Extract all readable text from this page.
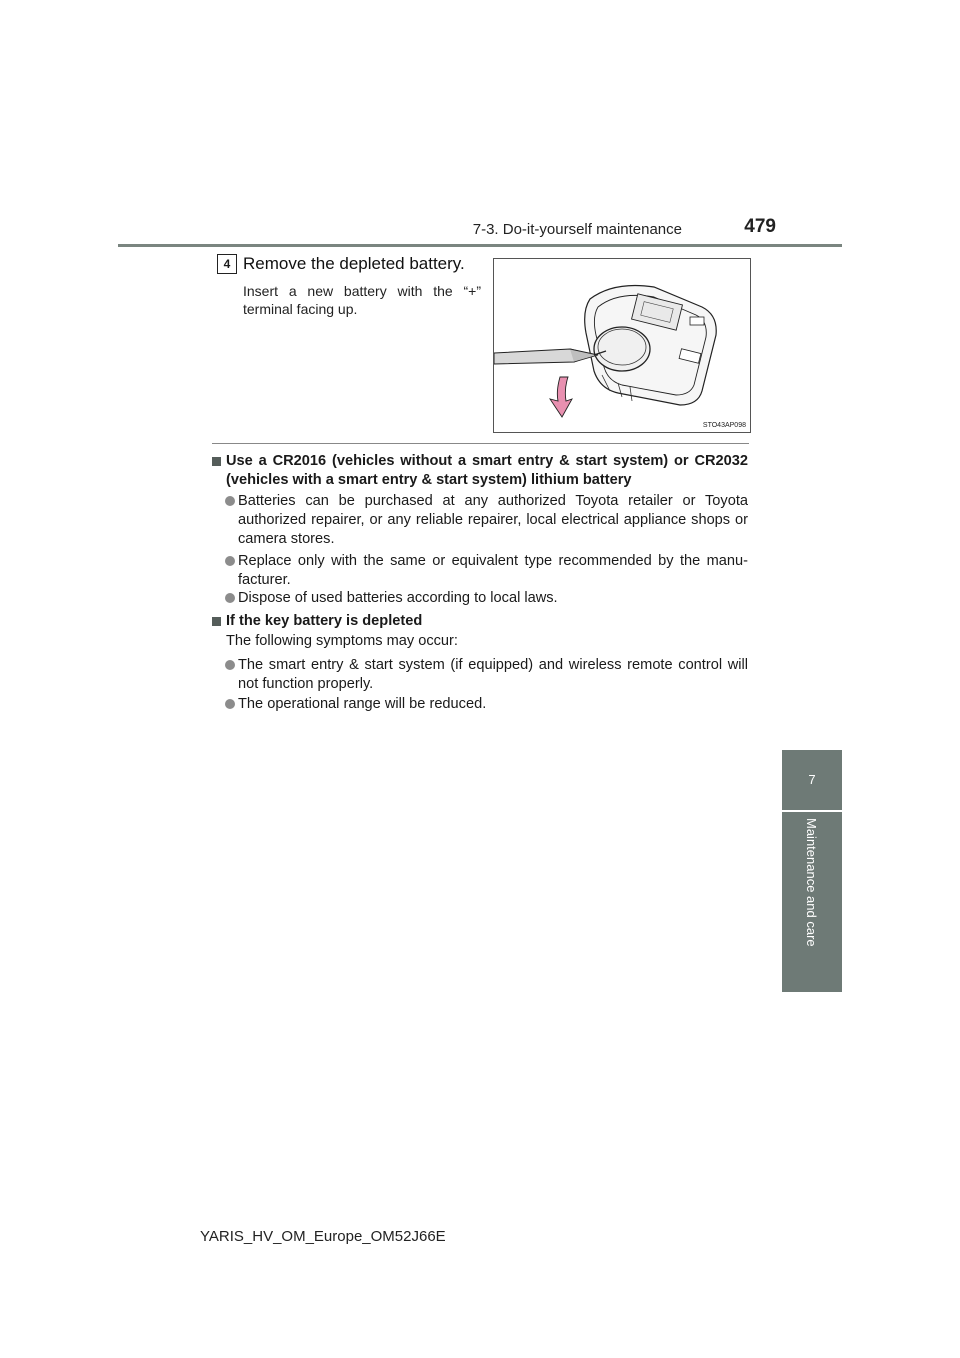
7-3. Do-it-yourself maintenance	479
7
Maintenance and care
4 Remove the depleted battery.
Insert a new battery with the “+” terminal facing up.
STO43AP098
Use a CR2016 (vehicles without a smart entry & start system) or CR2032 (vehicles with a smart entry & start system) lithium battery
Batteries can be purchased at any authorized Toyota retailer or Toyota authorized repairer, or any reliable repairer, local electrical appliance shops or camera stores.
Replace only with the same or equivalent type recommended by the manu-facturer.
Dispose of used batteries according to local laws.
If the key battery is depleted
The following symptoms may occur:
The smart entry & start system (if equipped) and wireless remote control will not function properly.
The operational range will be reduced.
YARIS_HV_OM_Europe_OM52J66E
